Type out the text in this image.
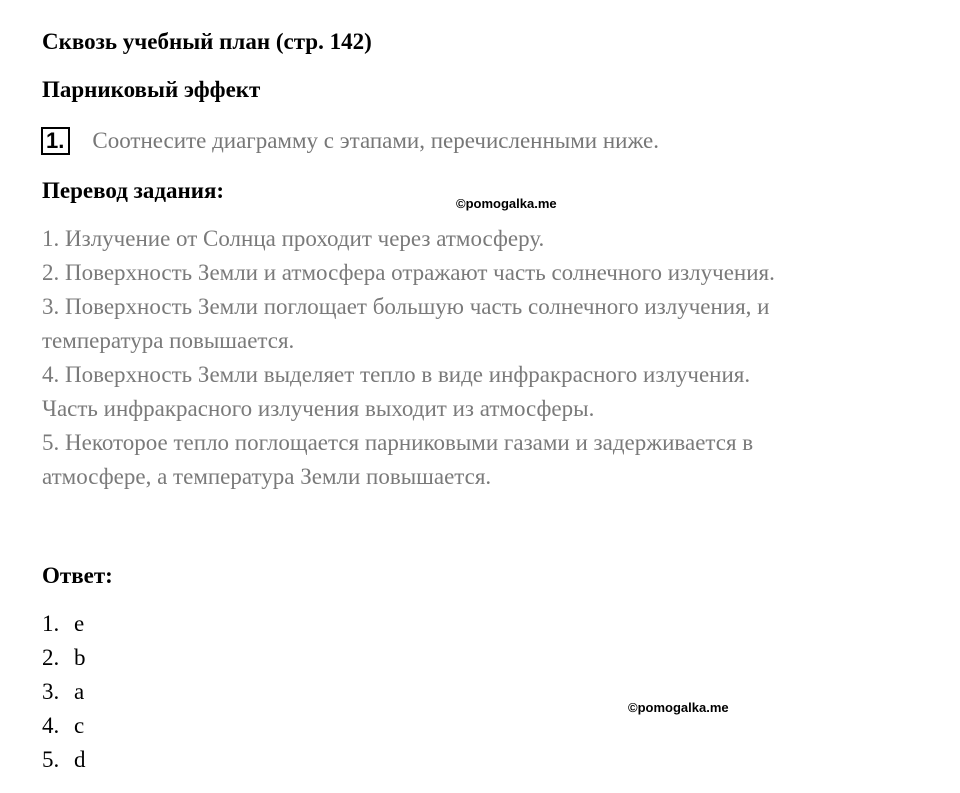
Сквозь учебный план (стр. 142)
Парниковый эффект
1. Соотнесите диаграмму с этапами, перечисленными ниже.
Перевод задания:
©pomogalka.me
1. Излучение от Солнца проходит через атмосферу.
2. Поверхность Земли и атмосфера отражают часть солнечного излучения.
3. Поверхность Земли поглощает большую часть солнечного излучения, и
температура повышается.
4. Поверхность Земли выделяет тепло в виде инфракрасного излучения.
Часть инфракрасного излучения выходит из атмосферы.
5. Некоторое тепло поглощается парниковыми газами и задерживается в
атмосфере, а температура Земли повышается.
Ответ:
1. e
2. b
3. a
4. c
5. d
©pomogalka.me
